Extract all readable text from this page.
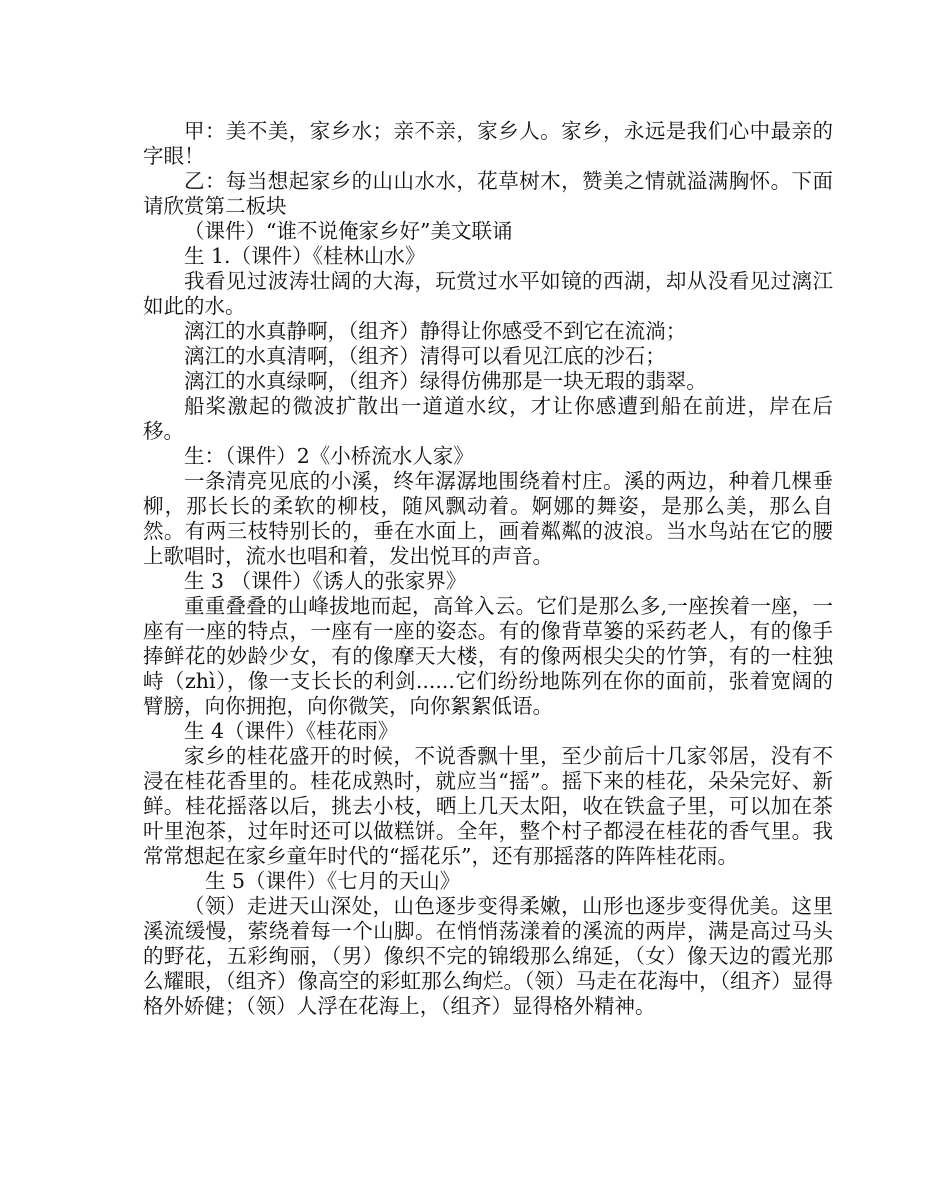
甲：美不美，家乡水；亲不亲，家乡人。家乡，永远是我们心中最亲的字眼！

乙：每当想起家乡的山山水水，花草树木，赞美之情就溢满胸怀。下面请欣赏第二板块

（课件）“谁不说俺家乡好”美文联诵

生 1.（课件）《桂林山水》

我看见过波涛壮阔的大海，玩赏过水平如镜的西湖，却从没看见过漓江如此的水。

漓江的水真静啊，（组齐）静得让你感受不到它在流淌；

漓江的水真清啊，（组齐）清得可以看见江底的沙石；

漓江的水真绿啊，（组齐）绿得仿佛那是一块无瑕的翡翠。

船桨激起的微波扩散出一道道水纹，才让你感遭到船在前进，岸在后移。

生：（课件）2《小桥流水人家》

一条清亮见底的小溪，终年潺潺地围绕着村庄。溪的两边，种着几棵垂柳，那长长的柔软的柳枝，随风飘动着。婀娜的舞姿，是那么美，那么自然。有两三枝特别长的，垂在水面上，画着粼粼的波浪。当水鸟站在它的腰上歌唱时，流水也唱和着，发出悦耳的声音。

生 3 （课件）《诱人的张家界》

重重叠叠的山峰拔地而起，高耸入云。它们是那么多,一座挨着一座，一座有一座的特点，一座有一座的姿态。有的像背草篓的采药老人，有的像手捧鲜花的妙龄少女，有的像摩天大楼，有的像两根尖尖的竹笋，有的一柱独峙（zhì），像一支长长的利剑......它们纷纷地陈列在你的面前，张着宽阔的臂膀，向你拥抱，向你微笑，向你絮絮低语。

生 4（课件）《桂花雨》

家乡的桂花盛开的时候，不说香飘十里，至少前后十几家邻居，没有不浸在桂花香里的。桂花成熟时，就应当“摇”。摇下来的桂花，朵朵完好、新鲜。桂花摇落以后，挑去小枝，晒上几天太阳，收在铁盒子里，可以加在茶叶里泡茶，过年时还可以做糕饼。全年，整个村子都浸在桂花的香气里。我常常想起在家乡童年时代的“摇花乐”，还有那摇落的阵阵桂花雨。

生 5（课件）《七月的天山》

（领）走进天山深处，山色逐步变得柔嫩，山形也逐步变得优美。这里溪流缓慢，萦绕着每一个山脚。在悄悄荡漾着的溪流的两岸，满是高过马头的野花，五彩绚丽，（男）像织不完的锦缎那么绵延，（女）像天边的霞光那么耀眼，（组齐）像高空的彩虹那么绚烂。（领）马走在花海中，（组齐）显得格外娇健；（领）人浮在花海上，（组齐）显得格外精神。
